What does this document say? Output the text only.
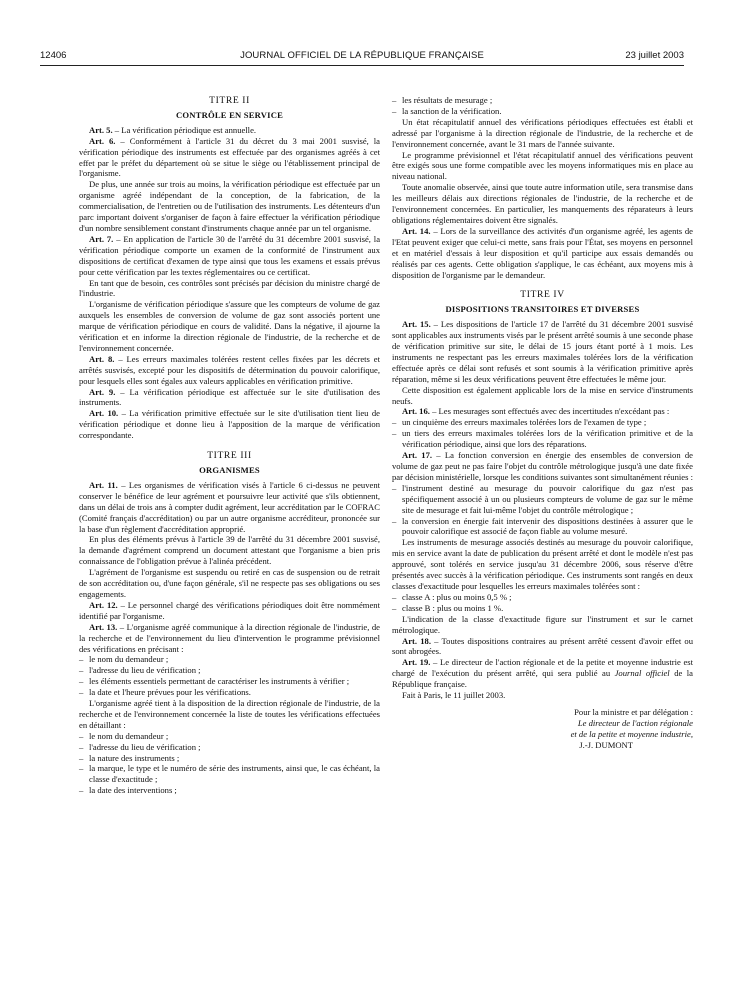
12406	JOURNAL OFFICIEL DE LA RÉPUBLIQUE FRANÇAISE	23 juillet 2003

TITRE II

CONTRÔLE EN SERVICE

Art. 5. – La vérification périodique est annuelle.

Art. 6. – Conformément à l'article 31 du décret du 3 mai 2001 susvisé, la vérification périodique des instruments est effectuée par des organismes agréés à cet effet par le préfet du département où se situe le siège ou l'établissement principal de l'organisme.

De plus, une année sur trois au moins, la vérification périodique est effectuée par un organisme agréé indépendant de la conception, de la fabrication, de la commercialisation, de l'entretien ou de l'utilisation des instruments. Les détenteurs d'un parc important doivent s'organiser de façon à faire effectuer la vérification périodique d'un nombre sensiblement constant d'instruments chaque année par un tel organisme.

Art. 7. – En application de l'article 30 de l'arrêté du 31 décembre 2001 susvisé, la vérification périodique comporte un examen de la conformité de l'instrument aux dispositions de certificat d'examen de type ainsi que tous les examens et essais prévus pour cette vérification par les textes réglementaires ou ce certificat.

En tant que de besoin, ces contrôles sont précisés par décision du ministre chargé de l'industrie.

L'organisme de vérification périodique s'assure que les compteurs de volume de gaz auxquels les ensembles de conversion de volume de gaz sont associés portent une marque de vérification périodique en cours de validité. Dans la négative, il ajourne la vérification et en informe la direction régionale de l'industrie, de la recherche et de l'environnement concernée.

Art. 8. – Les erreurs maximales tolérées restent celles fixées par les décrets et arrêtés susvisés, excepté pour les dispositifs de détermination du pouvoir calorifique, pour lesquels elles sont égales aux valeurs applicables en vérification primitive.

Art. 9. – La vérification périodique est affectuée sur le site d'utilisation des instruments.

Art. 10. – La vérification primitive effectuée sur le site d'utilisation tient lieu de vérification périodique et donne lieu à l'apposition de la marque de vérification correspondante.

TITRE III

ORGANISMES

Art. 11. – Les organismes de vérification visés à l'article 6 ci-dessus ne peuvent conserver le bénéfice de leur agrément et poursuivre leur activité que s'ils obtiennent, dans un délai de trois ans à compter dudit agrément, leur accréditation par le COFRAC (Comité français d'accréditation) ou par un autre organisme accréditeur, prononcée sur la base d'un règlement d'accréditation approprié.

En plus des éléments prévus à l'article 39 de l'arrêté du 31 décembre 2001 susvisé, la demande d'agrément comprend un document attestant que l'organisme a bien pris connaissance de l'obligation prévue à l'alinéa précédent.

L'agrément de l'organisme est suspendu ou retiré en cas de suspension ou de retrait de son accréditation ou, d'une façon générale, s'il ne respecte pas ses obligations ou ses engagements.

Art. 12. – Le personnel chargé des vérifications périodiques doit être nommément identifié par l'organisme.

Art. 13. – L'organisme agréé communique à la direction régionale de l'industrie, de la recherche et de l'environnement du lieu d'intervention le programme prévisionnel des vérifications en précisant :

– le nom du demandeur ;
– l'adresse du lieu de vérification ;
– les éléments essentiels permettant de caractériser les instruments à vérifier ;
– la date et l'heure prévues pour les vérifications.

L'organisme agréé tient à la disposition de la direction régionale de l'industrie, de la recherche et de l'environnement concernée la liste de toutes les vérifications effectuées en détaillant :

– le nom du demandeur ;
– l'adresse du lieu de vérification ;
– la nature des instruments ;
– la marque, le type et le numéro de série des instruments, ainsi que, le cas échéant, la classe d'exactitude ;
– la date des interventions ;
– les résultats de mesurage ;
– la sanction de la vérification.

Un état récapitulatif annuel des vérifications périodiques effectuées est établi et adressé par l'organisme à la direction régionale de l'industrie, de la recherche et de l'environnement concernée, avant le 31 mars de l'année suivante.

Le programme prévisionnel et l'état récapitulatif annuel des vérifications peuvent être exigés sous une forme compatible avec les moyens informatiques mis en place au niveau national.

Toute anomalie observée, ainsi que toute autre information utile, sera transmise dans les meilleurs délais aux directions régionales de l'industrie, de la recherche et de l'environnement concernées. En particulier, les manquements des réparateurs à leurs obligations réglementaires doivent être signalés.

Art. 14. – Lors de la surveillance des activités d'un organisme agréé, les agents de l'Etat peuvent exiger que celui-ci mette, sans frais pour l'État, ses moyens en personnel et en matériel d'essais à leur disposition et qu'il participe aux essais demandés ou réalisés par ces agents. Cette obligation s'applique, le cas échéant, aux moyens mis à disposition de l'organisme par le demandeur.

TITRE IV

DISPOSITIONS TRANSITOIRES ET DIVERSES

Art. 15. – Les dispositions de l'article 17 de l'arrêté du 31 décembre 2001 susvisé sont applicables aux instruments visés par le présent arrêté soumis à une seconde phase de vérification primitive sur site, le délai de 15 jours étant porté à 1 mois. Les instruments ne respectant pas les erreurs maximales tolérées lors de la vérification effectuée après ce délai sont refusés et sont soumis à la vérification primitive après réparation, même si les deux vérifications peuvent être effectuées le même jour.

Cette disposition est également applicable lors de la mise en service d'instruments neufs.

Art. 16. – Les mesurages sont effectués avec des incertitudes n'excédant pas :

– un cinquième des erreurs maximales tolérées lors de l'examen de type ;
– un tiers des erreurs maximales tolérées lors de la vérification primitive et de la vérification périodique, ainsi que lors des réparations.

Art. 17. – La fonction conversion en énergie des ensembles de conversion de volume de gaz peut ne pas faire l'objet du contrôle métrologique jusqu'à une date fixée par décision ministérielle, lorsque les conditions suivantes sont simultanément réunies :

– l'instrument destiné au mesurage du pouvoir calorifique du gaz n'est pas spécifiquement associé à un ou plusieurs compteurs de volume de gaz sur le même site de mesurage et fait lui-même l'objet du contrôle métrologique ;
– la conversion en énergie fait intervenir des dispositions destinées à assurer que le pouvoir calorifique est associé de façon fiable au volume mesuré.

Les instruments de mesurage associés destinés au mesurage du pouvoir calorifique, mis en service avant la date de publication du présent arrêté et dont le modèle n'est pas approuvé, sont tolérés en service jusqu'au 31 décembre 2006, sous réserve d'être présentés avec succès à la vérification périodique. Ces instruments sont rangés en deux classes d'exactitude pour lesquelles les erreurs maximales tolérées sont :

– classe A : plus ou moins 0,5 % ;
– classe B : plus ou moins 1 %.

L'indication de la classe d'exactitude figure sur l'instrument et sur le carnet métrologique.

Art. 18. – Toutes dispositions contraires au présent arrêté cessent d'avoir effet ou sont abrogées.

Art. 19. – Le directeur de l'action régionale et de la petite et moyenne industrie est chargé de l'exécution du présent arrêté, qui sera publié au Journal officiel de la République française.

Fait à Paris, le 11 juillet 2003.

Pour la ministre et par délégation :

Le directeur de l'action régionale

et de la petite et moyenne industrie,

J.-J. DUMONT
